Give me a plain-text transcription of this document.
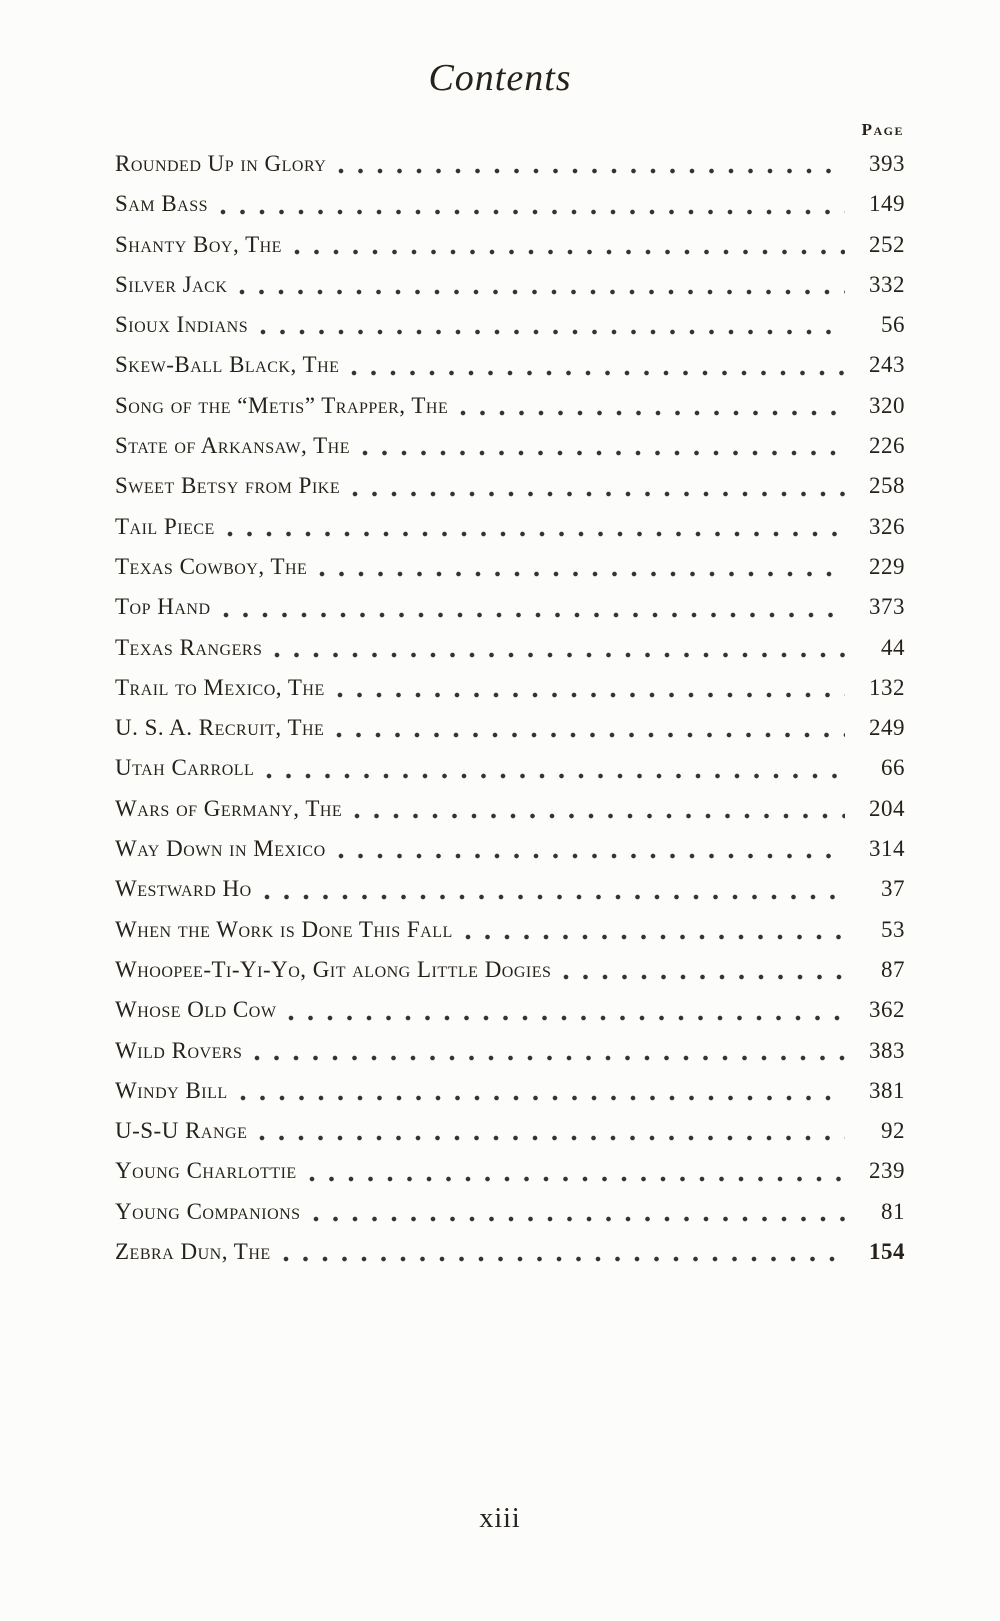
Contents
Page
Rounded Up in Glory	393
Sam Bass	149
Shanty Boy, The	252
Silver Jack	332
Sioux Indians	56
Skew-Ball Black, The	243
Song of the “Metis” Trapper, The	320
State of Arkansaw, The	226
Sweet Betsy from Pike	258
Tail Piece	326
Texas Cowboy, The	229
Top Hand	373
Texas Rangers	44
Trail to Mexico, The	132
U. S. A. Recruit, The	249
Utah Carroll	66
Wars of Germany, The	204
Way Down in Mexico	314
Westward Ho	37
When the Work is Done This Fall	53
Whoopee-Ti-Yi-Yo, Git along Little Dogies	87
Whose Old Cow	362
Wild Rovers	383
Windy Bill	381
U-S-U Range	92
Young Charlottie	239
Young Companions	81
Zebra Dun, The	154
xiii
